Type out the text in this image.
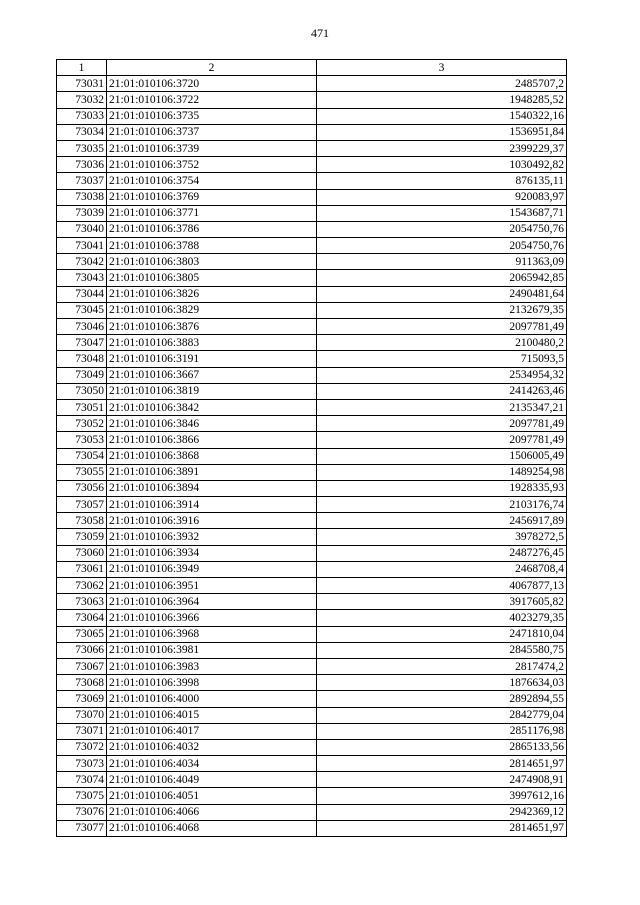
471
1	2	3
73031	21:01:010106:3720	2485707,2
73032	21:01:010106:3722	1948285,52
73033	21:01:010106:3735	1540322,16
73034	21:01:010106:3737	1536951,84
73035	21:01:010106:3739	2399229,37
73036	21:01:010106:3752	1030492,82
73037	21:01:010106:3754	876135,11
73038	21:01:010106:3769	920083,97
73039	21:01:010106:3771	1543687,71
73040	21:01:010106:3786	2054750,76
73041	21:01:010106:3788	2054750,76
73042	21:01:010106:3803	911363,09
73043	21:01:010106:3805	2065942,85
73044	21:01:010106:3826	2490481,64
73045	21:01:010106:3829	2132679,35
73046	21:01:010106:3876	2097781,49
73047	21:01:010106:3883	2100480,2
73048	21:01:010106:3191	715093,5
73049	21:01:010106:3667	2534954,32
73050	21:01:010106:3819	2414263,46
73051	21:01:010106:3842	2135347,21
73052	21:01:010106:3846	2097781,49
73053	21:01:010106:3866	2097781,49
73054	21:01:010106:3868	1506005,49
73055	21:01:010106:3891	1489254,98
73056	21:01:010106:3894	1928335,93
73057	21:01:010106:3914	2103176,74
73058	21:01:010106:3916	2456917,89
73059	21:01:010106:3932	3978272,5
73060	21:01:010106:3934	2487276,45
73061	21:01:010106:3949	2468708,4
73062	21:01:010106:3951	4067877,13
73063	21:01:010106:3964	3917605,82
73064	21:01:010106:3966	4023279,35
73065	21:01:010106:3968	2471810,04
73066	21:01:010106:3981	2845580,75
73067	21:01:010106:3983	2817474,2
73068	21:01:010106:3998	1876634,03
73069	21:01:010106:4000	2892894,55
73070	21:01:010106:4015	2842779,04
73071	21:01:010106:4017	2851176,98
73072	21:01:010106:4032	2865133,56
73073	21:01:010106:4034	2814651,97
73074	21:01:010106:4049	2474908,91
73075	21:01:010106:4051	3997612,16
73076	21:01:010106:4066	2942369,12
73077	21:01:010106:4068	2814651,97
